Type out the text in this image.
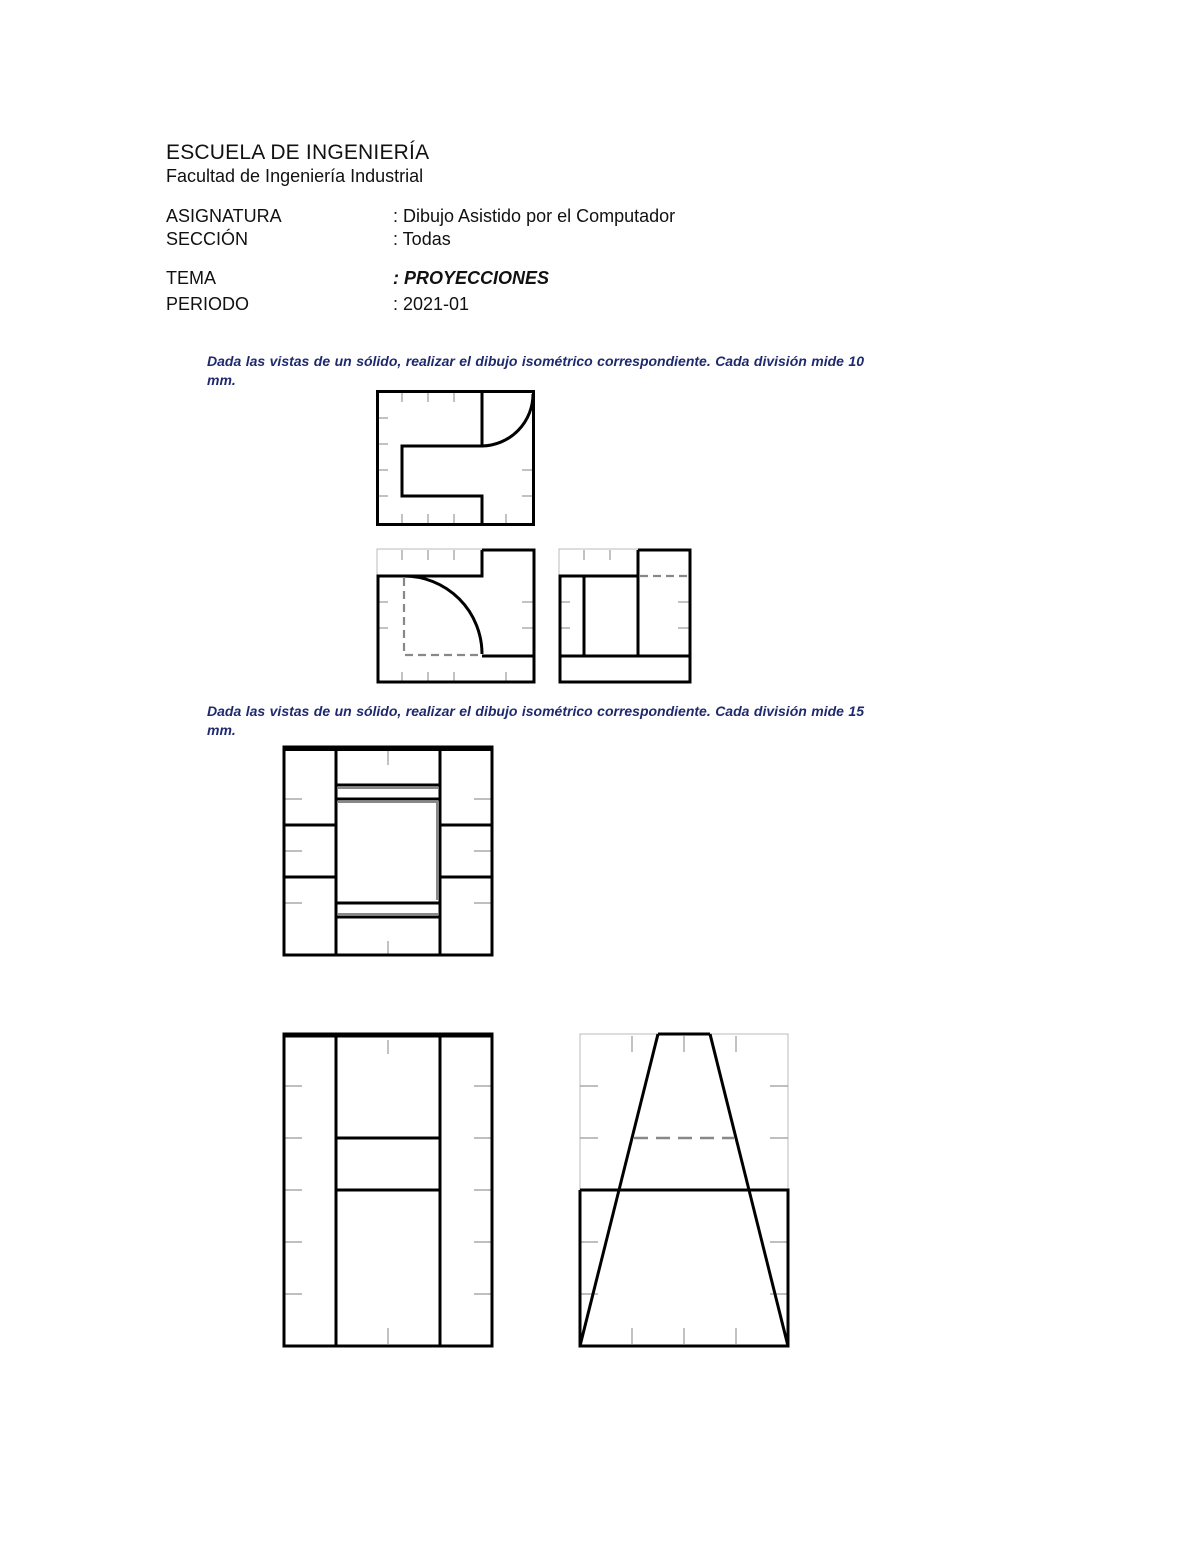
ESCUELA DE INGENIERÍA
Facultad de Ingeniería Industrial
ASIGNATURA	: Dibujo Asistido por el Computador
SECCIÓN	: Todas
TEMA	: PROYECCIONES
PERIODO	: 2021-01
Dada las vistas de un sólido, realizar el dibujo isométrico correspondiente. Cada división mide 10 mm.
Dada las vistas de un sólido, realizar el dibujo isométrico correspondiente. Cada división mide 15 mm.
